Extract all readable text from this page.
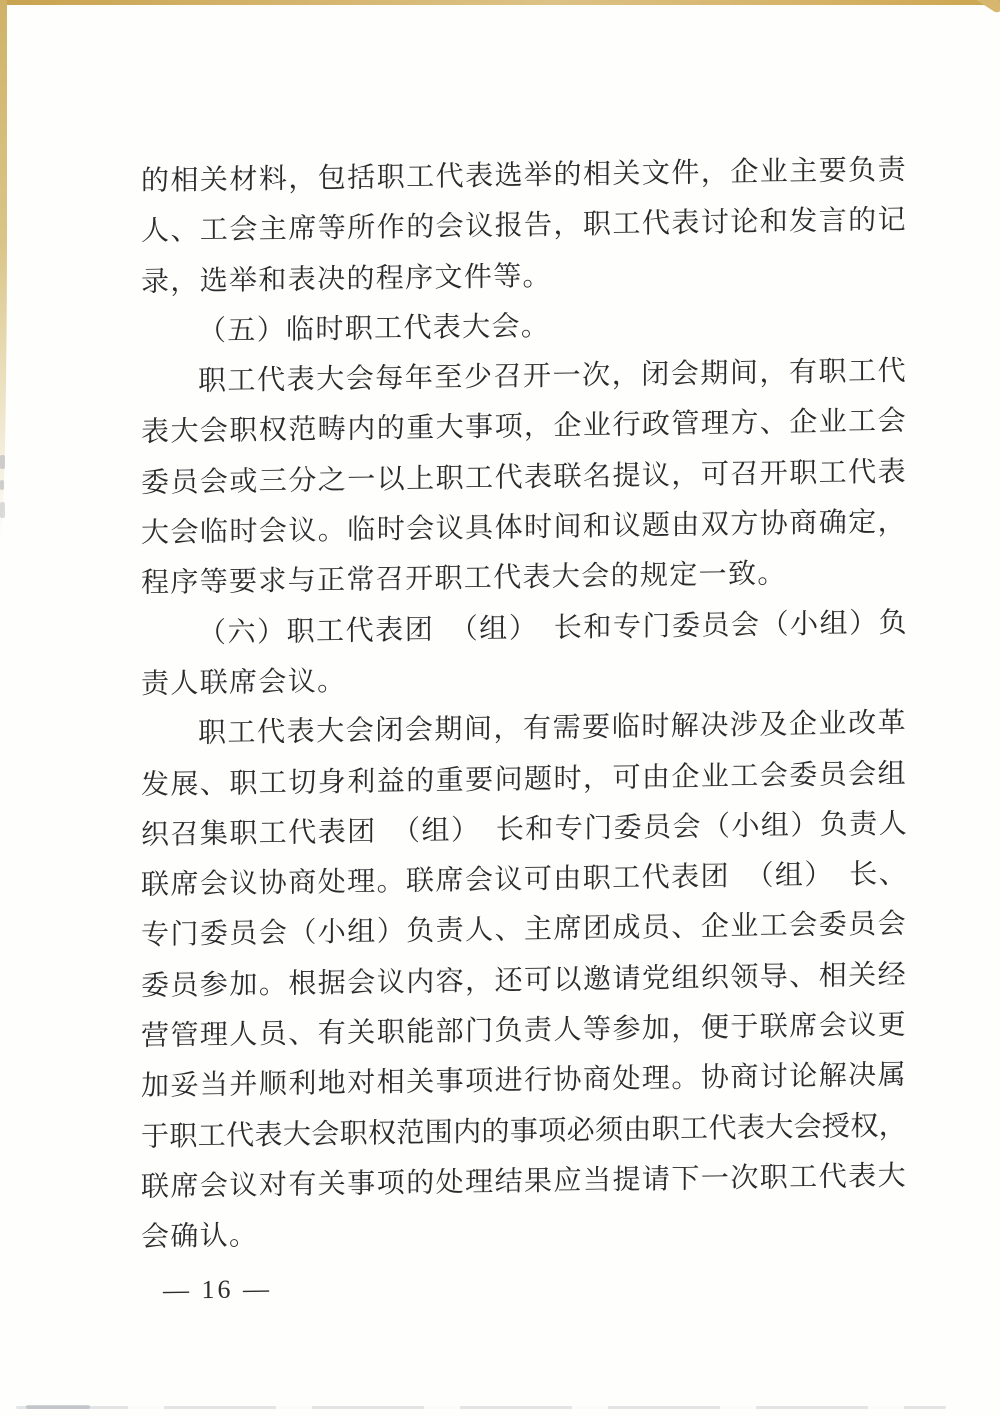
的相关材料，包括职工代表选举的相关文件，企业主要负责
人、工会主席等所作的会议报告，职工代表讨论和发言的记
录，选举和表决的程序文件等。
（五）临时职工代表大会。
职工代表大会每年至少召开一次，闭会期间，有职工代
表大会职权范畴内的重大事项，企业行政管理方、企业工会
委员会或三分之一以上职工代表联名提议，可召开职工代表
大会临时会议。临时会议具体时间和议题由双方协商确定，
程序等要求与正常召开职工代表大会的规定一致。
（六）职工代表团　（组）　长和专门委员会（小组）负
责人联席会议。
职工代表大会闭会期间，有需要临时解决涉及企业改革
发展、职工切身利益的重要问题时，可由企业工会委员会组
织召集职工代表团　（组）　长和专门委员会（小组）负责人
联席会议协商处理。联席会议可由职工代表团　（组）　长、
专门委员会（小组）负责人、主席团成员、企业工会委员会
委员参加。根据会议内容，还可以邀请党组织领导、相关经
营管理人员、有关职能部门负责人等参加，便于联席会议更
加妥当并顺利地对相关事项进行协商处理。协商讨论解决属
于职工代表大会职权范围内的事项必须由职工代表大会授权，
联席会议对有关事项的处理结果应当提请下一次职工代表大
会确认。
— 16 —
